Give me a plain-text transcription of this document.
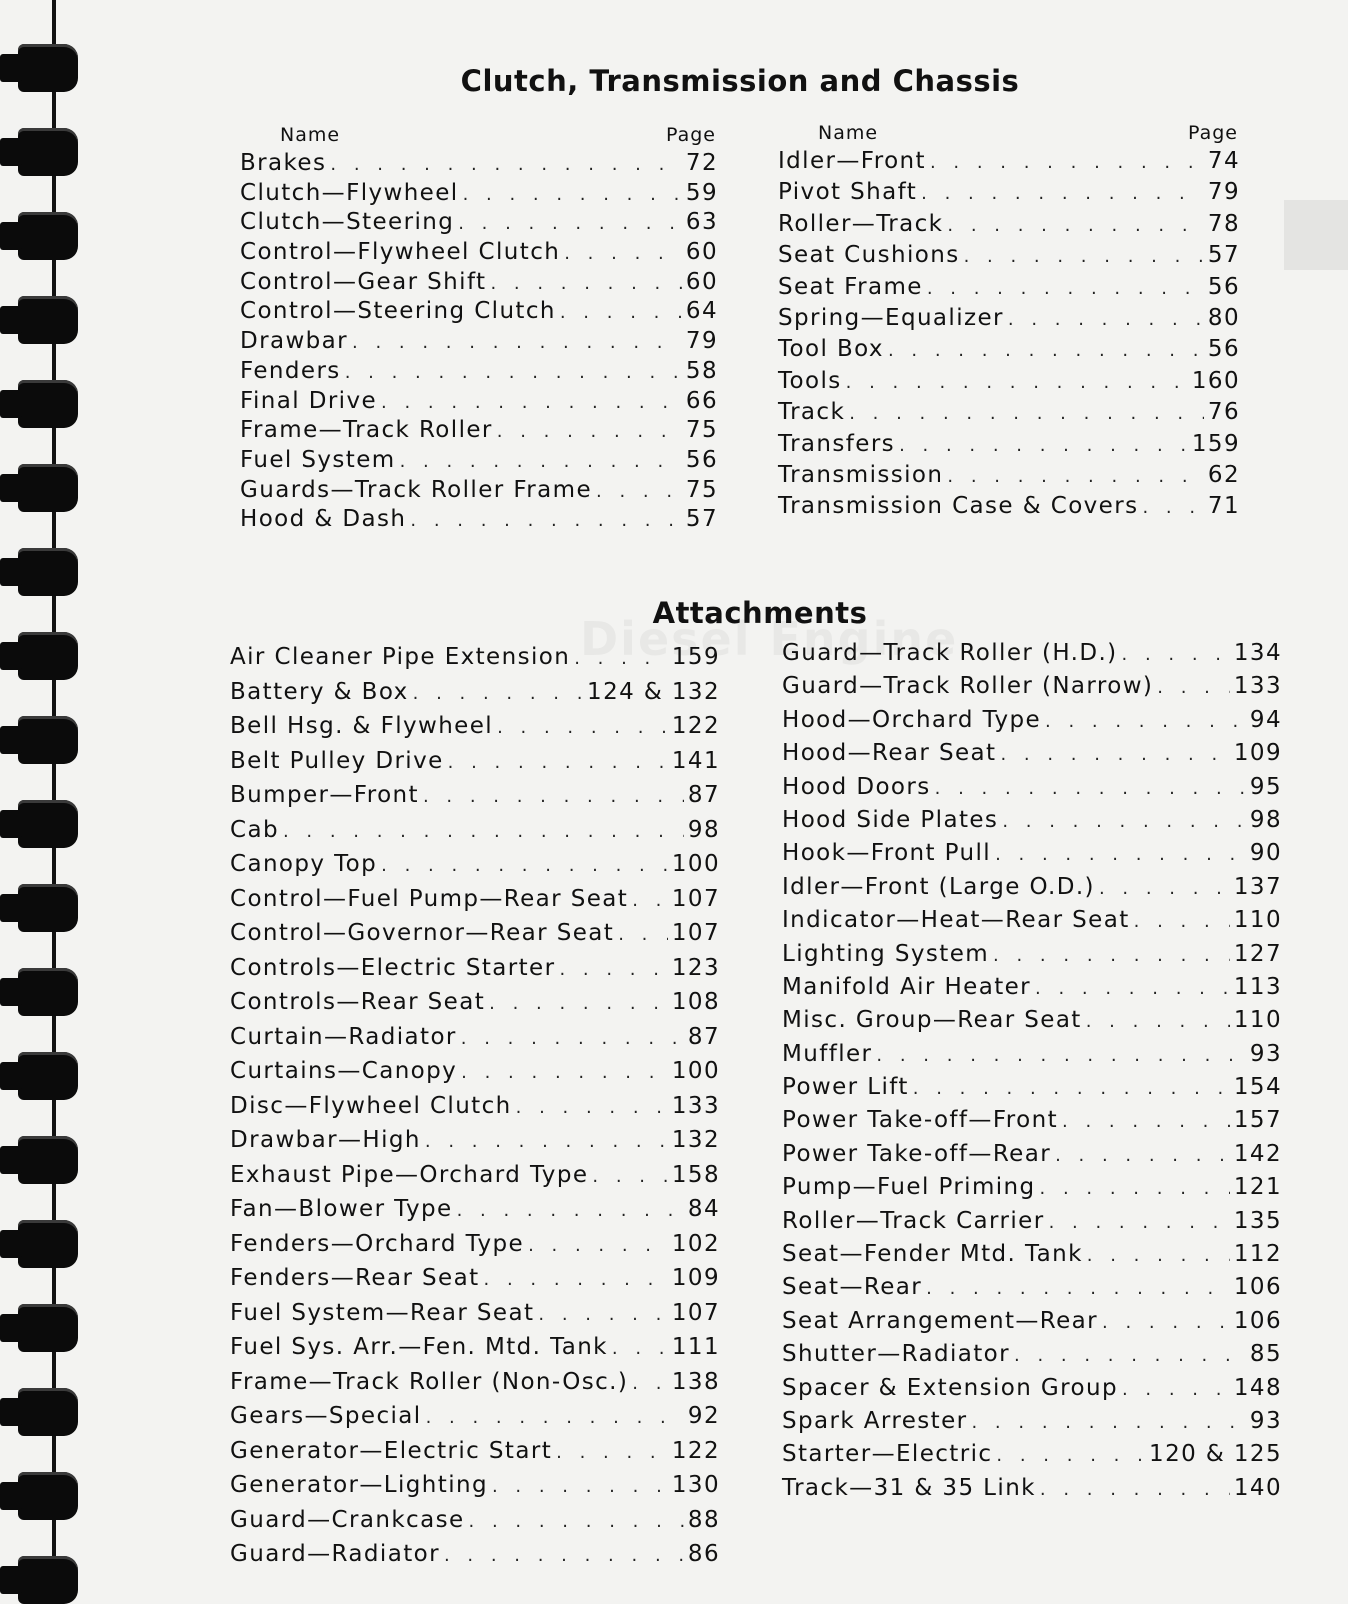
Clutch, Transmission and Chassis
Name	Page
Brakes . . .	72
Clutch—Flywheel . . .	59
Clutch—Steering . . .	63
Control—Flywheel Clutch . . .	60
Control—Gear Shift . . .	60
Control—Steering Clutch . . .	64
Drawbar . . .	79
Fenders . . .	58
Final Drive . . .	66
Frame—Track Roller . . .	75
Fuel System . . .	56
Guards—Track Roller Frame . . .	75
Hood & Dash . . .	57
Name	Page
Idler—Front . . .	74
Pivot Shaft . . .	79
Roller—Track . . .	78
Seat Cushions . . .	57
Seat Frame . . .	56
Spring—Equalizer . . .	80
Tool Box . . .	56
Tools . . .	160
Track . . .	76
Transfers . . .	159
Transmission . . .	62
Transmission Case & Covers . . .	71
Attachments
Air Cleaner Pipe Extension . . .	159
Battery & Box . . .	124 & 132
Bell Hsg. & Flywheel . . .	122
Belt Pulley Drive . . .	141
Bumper—Front . . .	87
Cab . . .	98
Canopy Top . . .	100
Control—Fuel Pump—Rear Seat . . . 107
Control—Governor—Rear Seat . . .	107
Controls—Electric Starter . . .	123
Controls—Rear Seat . . .	108
Curtain—Radiator . . .	87
Curtains—Canopy . . .	100
Disc—Flywheel Clutch . . .	133
Drawbar—High . . .	132
Exhaust Pipe—Orchard Type . . .	158
Fan—Blower Type . . .	84
Fenders—Orchard Type . . .	102
Fenders—Rear Seat . . .	109
Fuel System—Rear Seat . . .	107
Fuel Sys. Arr.—Fen. Mtd. Tank . . .	111
Frame—Track Roller (Non-Osc.) . . . 138
Gears—Special . . .	92
Generator—Electric Start . . .	122
Generator—Lighting . . .	130
Guard—Crankcase . . .	88
Guard—Radiator . . .	86
Guard—Track Roller (H.D.) . . .	134
Guard—Track Roller (Narrow) . . .	133
Hood—Orchard Type . . .	94
Hood—Rear Seat . . .	109
Hood Doors . . .	95
Hood Side Plates . . .	98
Hook—Front Pull . . .	90
Idler—Front (Large O.D.) . . .	137
Indicator—Heat—Rear Seat . . .	110
Lighting System . . .	127
Manifold Air Heater . . .	113
Misc. Group—Rear Seat . . .	110
Muffler . . .	93
Power Lift . . .	154
Power Take-off—Front . . .	157
Power Take-off—Rear . . .	142
Pump—Fuel Priming . . .	121
Roller—Track Carrier . . .	135
Seat—Fender Mtd. Tank . . .	112
Seat—Rear . . .	106
Seat Arrangement—Rear . . .	106
Shutter—Radiator . . .	85
Spacer & Extension Group . . .	148
Spark Arrester . . .	93
Starter—Electric . . .	120 & 125
Track—31 & 35 Link . . .	140
